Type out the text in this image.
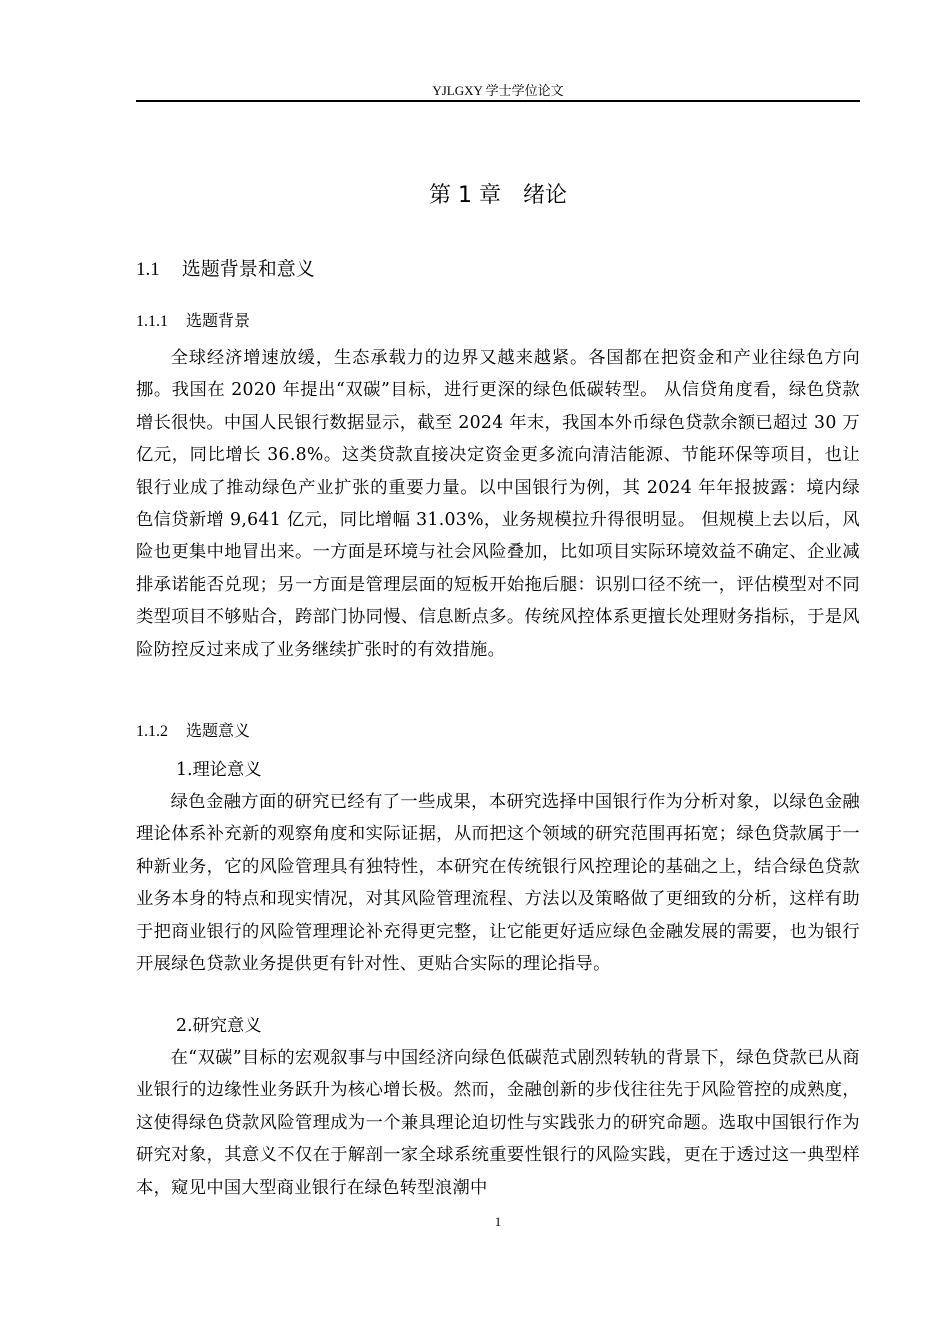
YJLGXY 学士学位论文
第 1 章 绪论
1.1 选题背景和意义
1.1.1 选题背景
全球经济增速放缓，生态承载力的边界又越来越紧。各国都在把资金和产业往绿色方向挪。我国在 2020 年提出“双碳”目标，进行更深的绿色低碳转型。 从信贷角度看，绿色贷款增长很快。中国人民银行数据显示，截至 2024 年末，我国本外币绿色贷款余额已超过 30 万亿元，同比增长 36.8%。这类贷款直接决定资金更多流向清洁能源、节能环保等项目，也让银行业成了推动绿色产业扩张的重要力量。以中国银行为例，其 2024 年年报披露：境内绿色信贷新增 9,641 亿元，同比增幅 31.03%，业务规模拉升得很明显。 但规模上去以后，风险也更集中地冒出来。一方面是环境与社会风险叠加，比如项目实际环境效益不确定、企业减排承诺能否兑现；另一方面是管理层面的短板开始拖后腿：识别口径不统一，评估模型对不同类型项目不够贴合，跨部门协同慢、信息断点多。传统风控体系更擅长处理财务指标，于是风险防控反过来成了业务继续扩张时的有效措施。
1.1.2 选题意义
1.理论意义
绿色金融方面的研究已经有了一些成果，本研究选择中国银行作为分析对象，以绿色金融理论体系补充新的观察角度和实际证据，从而把这个领域的研究范围再拓宽；绿色贷款属于一种新业务，它的风险管理具有独特性，本研究在传统银行风控理论的基础之上，结合绿色贷款业务本身的特点和现实情况，对其风险管理流程、方法以及策略做了更细致的分析，这样有助于把商业银行的风险管理理论补充得更完整，让它能更好适应绿色金融发展的需要，也为银行开展绿色贷款业务提供更有针对性、更贴合实际的理论指导。
2.研究意义
在“双碳”目标的宏观叙事与中国经济向绿色低碳范式剧烈转轨的背景下，绿色贷款已从商业银行的边缘性业务跃升为核心增长极。然而，金融创新的步伐往往先于风险管控的成熟度，这使得绿色贷款风险管理成为一个兼具理论迫切性与实践张力的研究命题。选取中国银行作为研究对象，其意义不仅在于解剖一家全球系统重要性银行的风险实践，更在于透过这一典型样本，窥见中国大型商业银行在绿色转型浪潮中
1
